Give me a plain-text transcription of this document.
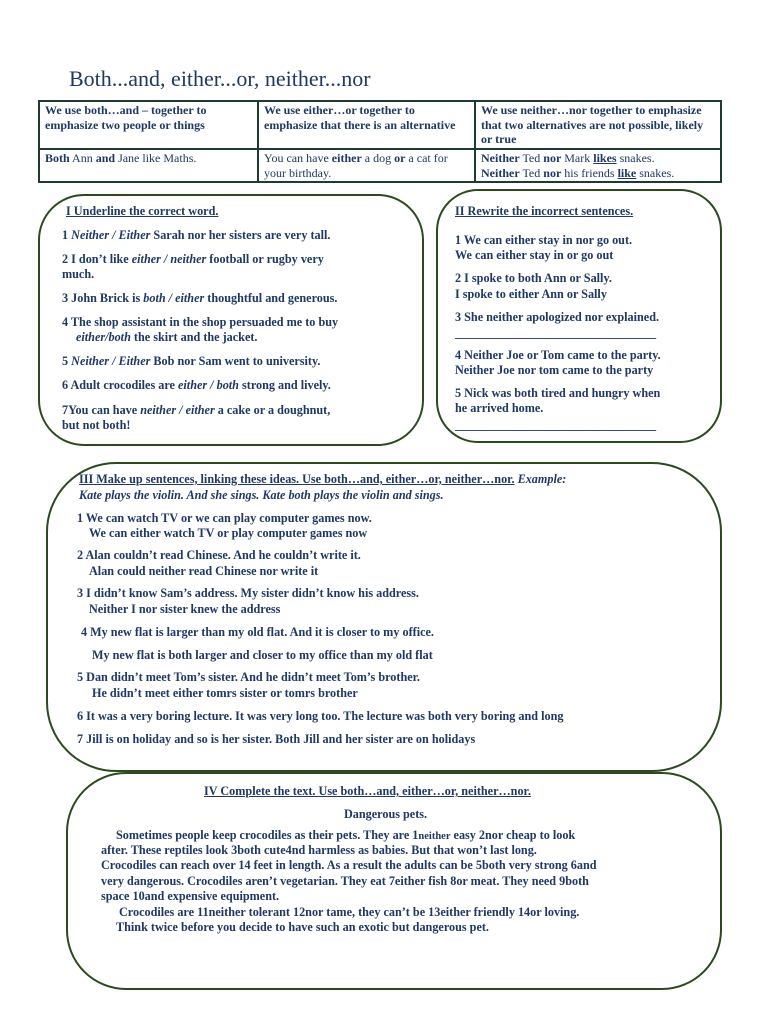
Both...and, either...or, neither...nor
We use both…and – together to emphasize two people or things	We use either…or together to emphasize that there is an alternative	We use neither…nor together to emphasize that two alternatives are not possible, likely or true
Both Ann and Jane like Maths.	You can have either a dog or a cat for your birthday.	Neither Ted nor Mark likes snakes.
Neither Ted nor his friends like snakes.
I Underline the correct word.
1 Neither / Either Sarah nor her sisters are very tall.
2 I don’t like either / neither football or rugby very
much.
3 John Brick is both / either thoughtful and generous.
4 The shop assistant in the shop persuaded me to buy
either/both the skirt and the jacket.
5 Neither / Either Bob nor Sam went to university.
6 Adult crocodiles are either / both strong and lively.
7You can have neither / either a cake or a doughnut,
but not both!
II Rewrite the incorrect sentences.
1 We can either stay in nor go out.
We can either stay in or go out
2 I spoke to both Ann or Sally.
I spoke to either Ann or Sally
3 She neither apologized nor explained.
_________________________________
4 Neither Joe or Tom came to the party.
Neither Joe nor tom came to the party
5 Nick was both tired and hungry when
he arrived home.
_________________________________
III Make up sentences, linking these ideas. Use both…and, either…or, neither…nor. Example:
Kate plays the violin. And she sings. Kate both plays the violin and sings.
1 We can watch TV or we can play computer games now.
We can either watch TV or play computer games now
2 Alan couldn’t read Chinese. And he couldn’t write it.
Alan could neither read Chinese nor write it
3 I didn’t know Sam’s address. My sister didn’t know his address.
Neither I nor sister knew the address
4 My new flat is larger than my old flat. And it is closer to my office.
My new flat is both larger and closer to my office than my old flat
5 Dan didn’t meet Tom’s sister. And he didn’t meet Tom’s brother.
He didn’t meet either tomrs sister or tomrs brother
6 It was a very boring lecture. It was very long too. The lecture was both very boring and long
7 Jill is on holiday and so is her sister. Both Jill and her sister are on holidays
IV Complete the text. Use both…and, either…or, neither…nor.
Dangerous pets.
Sometimes people keep crocodiles as their pets. They are 1neither easy 2nor cheap to look
after. These reptiles look 3both cute4nd harmless as babies. But that won’t last long.
Crocodiles can reach over 14 feet in length. As a result the adults can be 5both very strong 6and
very dangerous. Crocodiles aren’t vegetarian. They eat 7either fish 8or meat. They need 9both
space 10and expensive equipment.
Crocodiles are 11neither tolerant 12nor tame, they can’t be 13either friendly 14or loving.
Think twice before you decide to have such an exotic but dangerous pet.
